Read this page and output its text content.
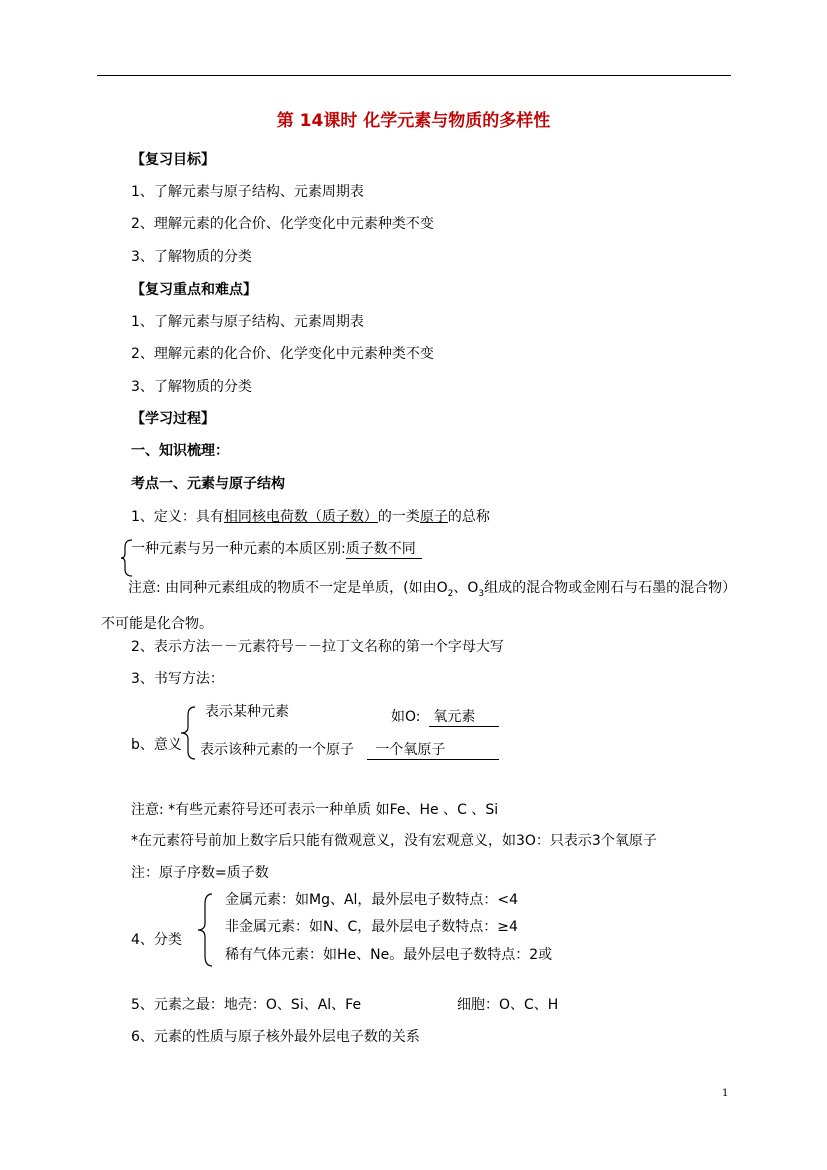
第 14课时 化学元素与物质的多样性
【复习目标】
1、了解元素与原子结构、元素周期表
2、理解元素的化合价、化学变化中元素种类不变
3、了解物质的分类
【复习重点和难点】
1、了解元素与原子结构、元素周期表
2、理解元素的化合价、化学变化中元素种类不变
3、了解物质的分类
【学习过程】
一、知识梳理：
考点一、元素与原子结构
1、定义：具有相同核电荷数（质子数）的一类原子的总称
一种元素与另一种元素的本质区别:质子数不同
注意: 由同种元素组成的物质不一定是单质，(如由$O_2$、$O_3$组成的混合物或金刚石与石墨的混合物）不可能是化合物。
2、表示方法－－元素符号－－拉丁文名称的第一个字母大写
3、书写方法：
b、意义
表示某种元素	如O: 氧元素
表示该种元素的一个原子 一个氧原子
注意: *有些元素符号还可表示一种单质 如Fe、He 、C 、Si
*在元素符号前加上数字后只能有微观意义，没有宏观意义，如3O：只表示3个氧原子
注：原子序数=质子数
4、分类
金属元素：如Mg、Al，最外层电子数特点：<4
非金属元素：如N、C，最外层电子数特点：≥4
稀有气体元素：如He、Ne。最外层电子数特点：2或
5、元素之最：地壳：O、Si、Al、Fe	细胞：O、C、H
6、元素的性质与原子核外最外层电子数的关系
1
